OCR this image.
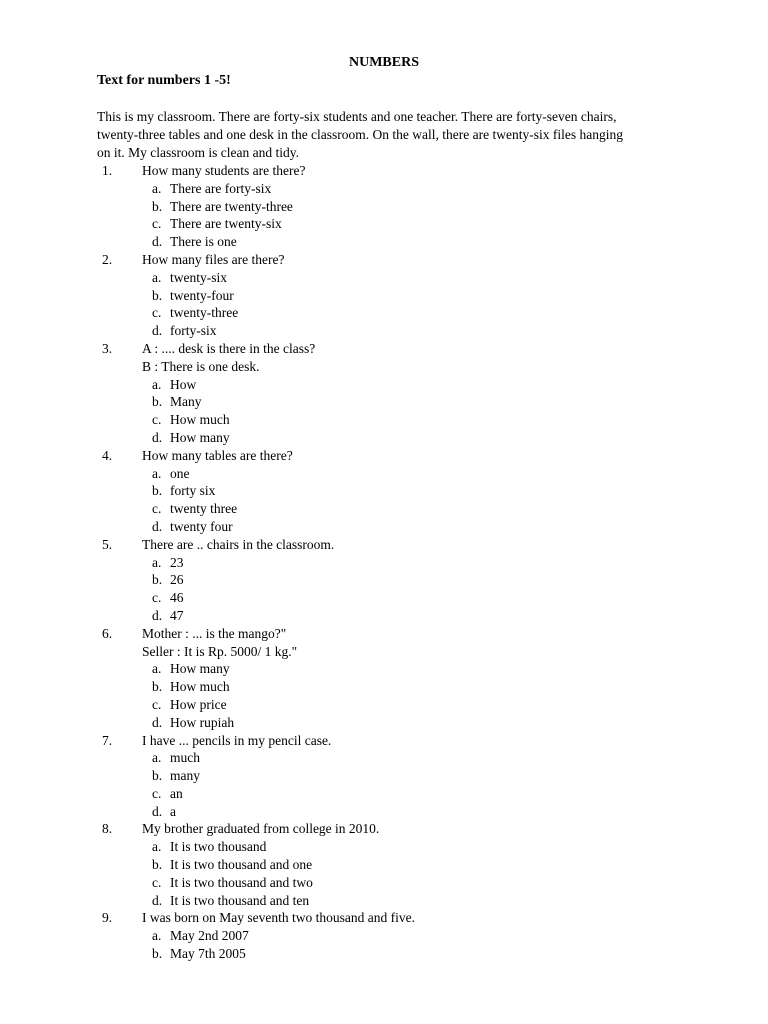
NUMBERS
Text for numbers 1 -5!
This is my classroom. There are forty-six students and one teacher. There are forty-seven chairs,
twenty-three tables and one desk in the classroom. On the wall, there are twenty-six files hanging
on it. My classroom is clean and tidy.
1. How many students are there?
a. There are forty-six
b. There are twenty-three
c. There are twenty-six
d. There is one
2. How many files are there?
a. twenty-six
b. twenty-four
c. twenty-three
d. forty-six
3. A : .... desk is there in the class?
B : There is one desk.
a. How
b. Many
c. How much
d. How many
4. How many tables are there?
a. one
b. forty six
c. twenty three
d. twenty four
5. There are .. chairs in the classroom.
a. 23
b. 26
c. 46
d. 47
6. Mother : ... is the mango?"
Seller : It is Rp. 5000/ 1 kg."
a. How many
b. How much
c. How price
d. How rupiah
7. I have ... pencils in my pencil case.
a. much
b. many
c. an
d. a
8. My brother graduated from college in 2010.
a. It is two thousand
b. It is two thousand and one
c. It is two thousand and two
d. It is two thousand and ten
9. I was born on May seventh two thousand and five.
a. May 2nd 2007
b. May 7th 2005
